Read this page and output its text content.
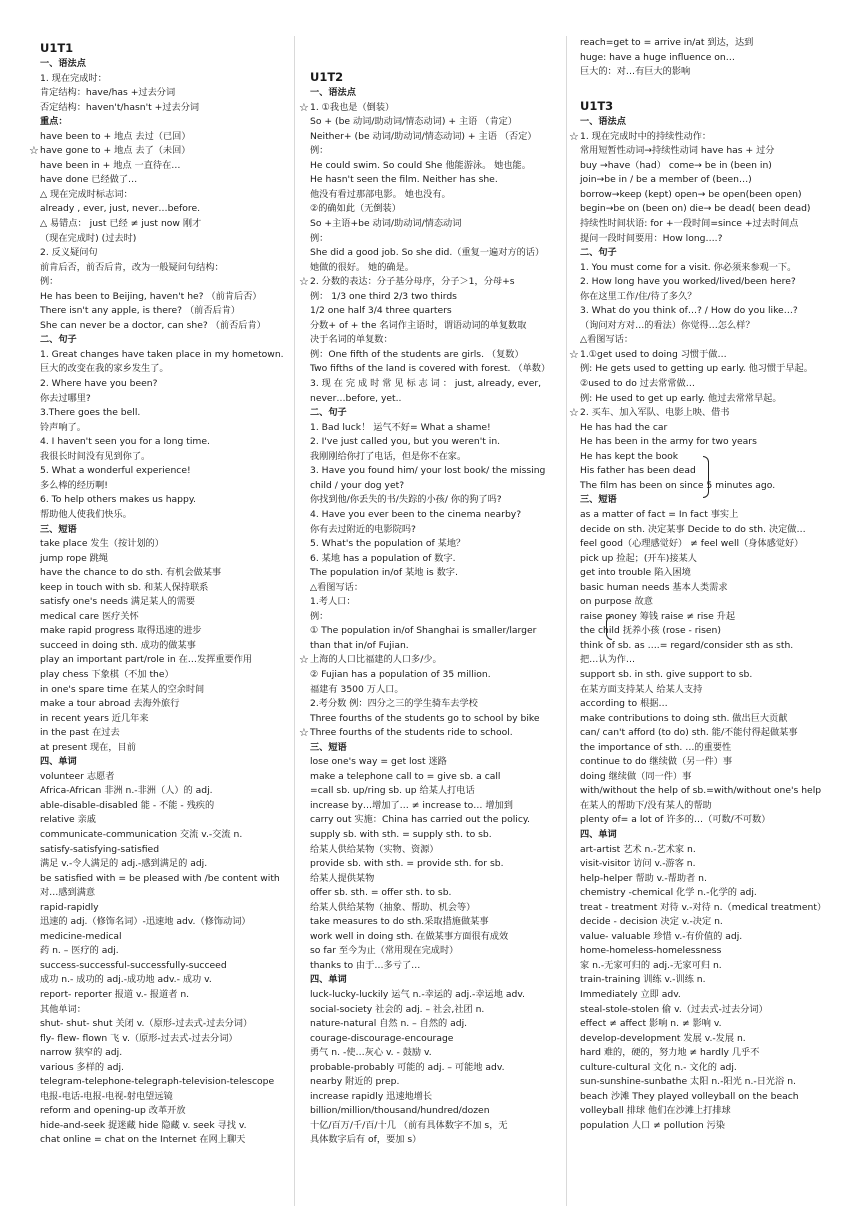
U1T1
一、语法点
1. 现在完成时：
肯定结构：have/has +过去分词
否定结构：haven't/hasn't +过去分词
重点：
have been to + 地点 去过（已回）
☆ have gone to + 地点 去了（未回）
have been in + 地点 一直待在…
have done 已经做了…
△ 现在完成时标志词：
already , ever, just, never…before.
△ 易错点： just 已经 ≠ just now 刚才
（现在完成时) (过去时)
2. 反义疑问句
前肯后否，前否后肯，改为一般疑问句结构：
例：
He has been to Beijing, haven't he? （前肯后否）
There isn't any apple, is there? （前否后肯）
She can never be a doctor, can she? （前否后肯）
二、句子
1. Great changes have taken place in my hometown.
巨大的改变在我的家乡发生了。
2. Where have you been?
你去过哪里?
3.There goes the bell.
铃声响了。
4. I haven't seen you for a long time.
我很长时间没有见到你了。
5. What a wonderful experience!
多么棒的经历啊!
6. To help others makes us happy.
帮助他人使我们快乐。
三、短语
take place 发生（按计划的）
jump rope 跳绳
have the chance to do sth. 有机会做某事
keep in touch with sb. 和某人保持联系
satisfy one's needs 满足某人的需要
medical care 医疗关怀
make rapid progress 取得迅速的进步
succeed in doing sth. 成功的做某事
play an important part/role in 在…发挥重要作用
play chess 下象棋（不加 the）
in one's spare time 在某人的空余时间
make a tour abroad 去海外旅行
in recent years 近几年来
in the past 在过去
at present 现在，目前
四、单词
volunteer 志愿者
Africa-African 非洲 n.-非洲（人）的 adj.
able-disable-disabled 能 - 不能 - 残疾的
relative 亲戚
communicate-communication 交流 v.-交流 n.
satisfy-satisfying-satisfied
满足 v.-令人满足的 adj.-感到满足的 adj.
be satisfied with = be pleased with /be content with
对…感到满意
rapid-rapidly
迅速的 adj.（修饰名词）-迅速地 adv.（修饰动词）
medicine-medical
药 n. – 医疗的 adj.
success-successful-successfully-succeed
成功 n.- 成功的 adj.-成功地 adv.- 成功 v.
report- reporter 报道 v.- 报道者 n.
其他单词：
shut- shut- shut 关闭 v.（原形-过去式-过去分词）
fly- flew- flown 飞 v.（原形-过去式-过去分词）
narrow 狭窄的 adj.
various 多样的 adj.
telegram-telephone-telegraph-television-telescope
电报-电话-电报-电视-射电望远镜
reform and opening-up 改革开放
hide-and-seek 捉迷藏 hide 隐藏 v. seek 寻找 v.
chat online = chat on the Internet 在网上聊天
U1T2
一、语法点
☆ 1. ①我也是（倒装）
So + (be 动词/助动词/情态动词) + 主语 （肯定）
Neither+ (be 动词/助动词/情态动词) + 主语 （否定）
例：
He could swim. So could She 他能游泳。 她也能。
He hasn't seen the film. Neither has she.
他没有看过那部电影。 她也没有。
②的确如此（无倒装）
So +主语+be 动词/助动词/情态动词
例：
She did a good job. So she did.（重复一遍对方的话）
她做的很好。 她的确是。
☆ 2. 分数的表达：分子基分母序，分子＞1，分母+s
例： 1/3 one third 2/3 two thirds
1/2 one half 3/4 three quarters
分数+ of + the 名词作主语时，谓语动词的单复数取
决于名词的单复数：
例：One fifth of the students are girls. （复数）
Two fifths of the land is covered with forest. （单数）
3. 现 在 完 成 时 常 见 标 志 词 ： just, already, ever,
never…before, yet..
二、句子
1. Bad luck！ 运气不好= What a shame!
2. I've just called you, but you weren't in.
我刚刚给你打了电话，但是你不在家。
3. Have you found him/ your lost book/ the missing
child / your dog yet?
你找到他/你丢失的书/失踪的小孩/ 你的狗了吗?
4. Have you ever been to the cinema nearby?
你有去过附近的电影院吗?
5. What's the population of 某地？
6. 某地 has a population of 数字.
The population in/of 某地 is 数字.
△看图写话：
1.考人口：
例：
① The population in/of Shanghai is smaller/larger
than that in/of Fujian.
☆ 上海的人口比福建的人口多/少。
② Fujian has a population of 35 million.
福建有 3500 万人口。
2.考分数 例：四分之三的学生骑车去学校
Three fourths of the students go to school by bike
☆ Three fourths of the students ride to school.
三、短语
lose one's way = get lost 迷路
make a telephone call to = give sb. a call
=call sb. up/ring sb. up 给某人打电话
increase by…增加了… ≠ increase to… 增加到
carry out 实施：China has carried out the policy.
supply sb. with sth. = supply sth. to sb.
给某人供给某物（实物、资源）
provide sb. with sth. = provide sth. for sb.
给某人提供某物
offer sb. sth. = offer sth. to sb.
给某人供给某物（抽象、帮助、机会等）
take measures to do sth.采取措施做某事
work well in doing sth. 在做某事方面很有成效
so far 至今为止（常用现在完成时）
thanks to 由于…多亏了…
四、单词
luck-lucky-luckily 运气 n.-幸运的 adj.-幸运地 adv.
social-society 社会的 adj. – 社会,社团 n.
nature-natural 自然 n. – 自然的 adj.
courage-discourage-encourage
勇气 n. -使…灰心 v. - 鼓励 v.
probable-probably 可能的 adj. – 可能地 adv.
nearby 附近的 prep.
increase rapidly 迅速地增长
billion/million/thousand/hundred/dozen
十亿/百万/千/百/十几 （前有具体数字不加 s，无
具体数字后有 of，要加 s）
reach=get to = arrive in/at 到达，达到
huge: have a huge influence on…
巨大的：对…有巨大的影响
U1T3
一、语法点
☆ 1. 现在完成时中的持续性动作：
常用短暂性动词→持续性动词 have has + 过分
buy →have（had） come→ be in (been in)
join→be in / be a member of (been…)
borrow→keep (kept) open→ be open(been open)
begin→be on (been on) die→ be dead( been dead)
持续性时间状语: for +一段时间=since +过去时间点
提问一段时间要用：How long….?
二、句子
1. You must come for a visit. 你必须来参观一下。
2. How long have you worked/lived/been here?
你在这里工作/住/待了多久？
3. What do you think of…? / How do you like…?
（询问对方对…的看法）你觉得…怎么样？
△看图写话：
☆ 1.①get used to doing 习惯于做…
例: He gets used to getting up early. 他习惯于早起。
②used to do 过去常常做…
例: He used to get up early. 他过去常常早起。
☆ 2. 买车、加入军队、电影上映、借书
He has had the car
He has been in the army for two years
He has kept the book
His father has been dead
The film has been on since 5 minutes ago.
三、短语
as a matter of fact = In fact 事实上
decide on sth. 决定某事 Decide to do sth. 决定做…
feel good（心理感觉好） ≠ feel well（身体感觉好）
pick up 捡起；(开车)接某人
get into trouble 陷入困境
basic human needs 基本人类需求
on purpose 故意
raise money 筹钱 raise ≠ rise 升起
the child 抚养小孩 (rose - risen)
think of sb. as ….= regard/consider sth as sth.
把…认为作…
support sb. in sth. give support to sb.
在某方面支持某人 给某人支持
according to 根据…
make contributions to doing sth. 做出巨大贡献
can/ can't afford (to do) sth. 能/不能付得起做某事
the importance of sth. …的重要性
continue to do 继续做（另一件）事
doing 继续做（同一件）事
with/without the help of sb.=with/without one's help
在某人的帮助下/没有某人的帮助
plenty of= a lot of 许多的…（可数/不可数）
四、单词
art-artist 艺术 n.-艺术家 n.
visit-visitor 访问 v.-游客 n.
help-helper 帮助 v.-帮助者 n.
chemistry -chemical 化学 n.-化学的 adj.
treat - treatment 对待 v.-对待 n.（medical treatment）
decide - decision 决定 v.-决定 n.
value- valuable 珍惜 v.-有价值的 adj.
home-homeless-homelessness
家 n.-无家可归的 adj.-无家可归 n.
train-training 训练 v.-训练 n.
Immediately 立即 adv.
steal-stole-stolen 偷 v.（过去式-过去分词）
effect ≠ affect 影响 n. ≠ 影响 v.
develop-development 发展 v.-发展 n.
hard 难的，硬的，努力地 ≠ hardly 几乎不
culture-cultural 文化 n.- 文化的 adj.
sun-sunshine-sunbathe 太阳 n.-阳光 n.-日光浴 n.
beach 沙滩 They played volleyball on the beach
volleyball 排球 他们在沙滩上打排球
population 人口 ≠ pollution 污染
